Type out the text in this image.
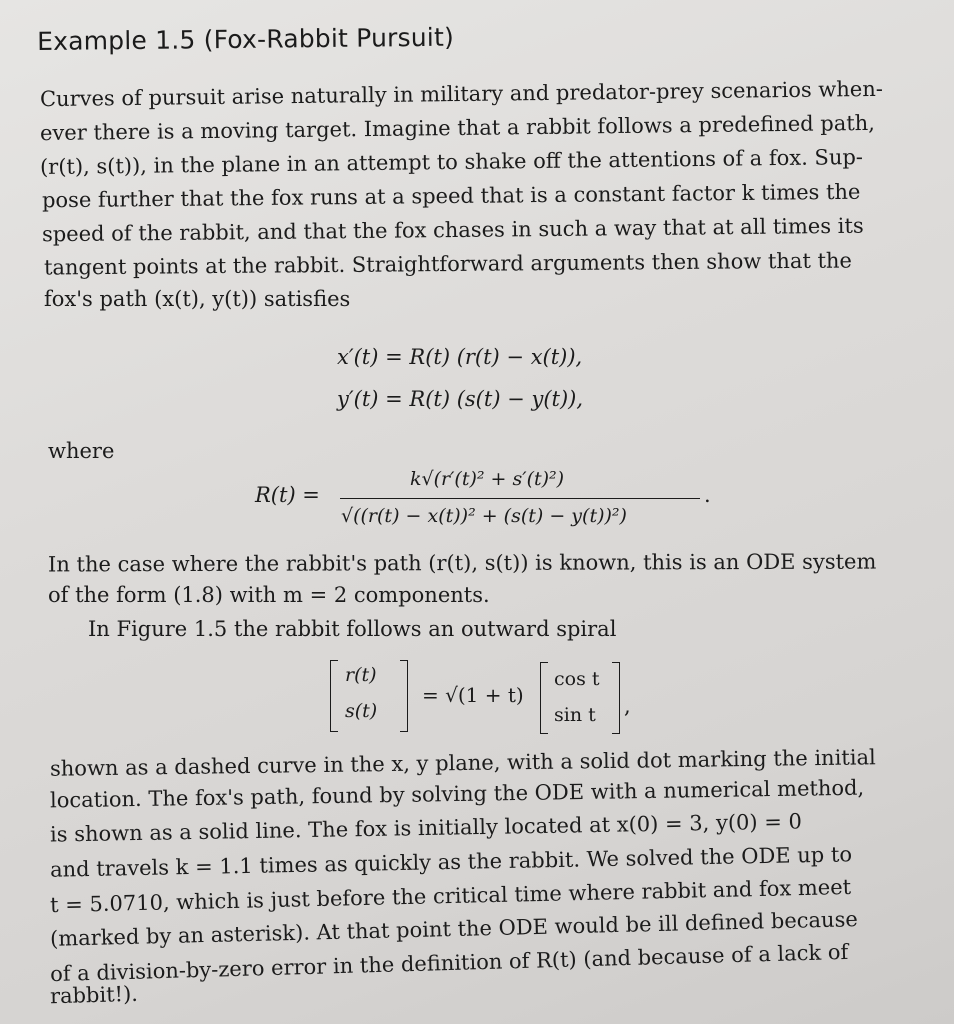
Example 1.5 (Fox-Rabbit Pursuit)
Curves of pursuit arise naturally in military and predator-prey scenarios when-
ever there is a moving target. Imagine that a rabbit follows a predefined path,
(r(t), s(t)), in the plane in an attempt to shake off the attentions of a fox. Sup-
pose further that the fox runs at a speed that is a constant factor k times the
speed of the rabbit, and that the fox chases in such a way that at all times its
tangent points at the rabbit. Straightforward arguments then show that the
fox's path (x(t), y(t)) satisfies
x′(t) = R(t) (r(t) − x(t)),
y′(t) = R(t) (s(t) − y(t)),
where
R(t) =
k√(r′(t)² + s′(t)²)
√((r(t) − x(t))² + (s(t) − y(t))²)
.
In the case where the rabbit's path (r(t), s(t)) is known, this is an ODE system
of the form (1.8) with m = 2 components.
In Figure 1.5 the rabbit follows an outward spiral
r(t)
s(t)
= √(1 + t)
cos t
sin t ,
shown as a dashed curve in the x, y plane, with a solid dot marking the initial
location. The fox's path, found by solving the ODE with a numerical method,
is shown as a solid line. The fox is initially located at x(0) = 3, y(0) = 0
and travels k = 1.1 times as quickly as the rabbit. We solved the ODE up to
t = 5.0710, which is just before the critical time where rabbit and fox meet
(marked by an asterisk). At that point the ODE would be ill defined because
of a division-by-zero error in the definition of R(t) (and because of a lack of
rabbit!).
